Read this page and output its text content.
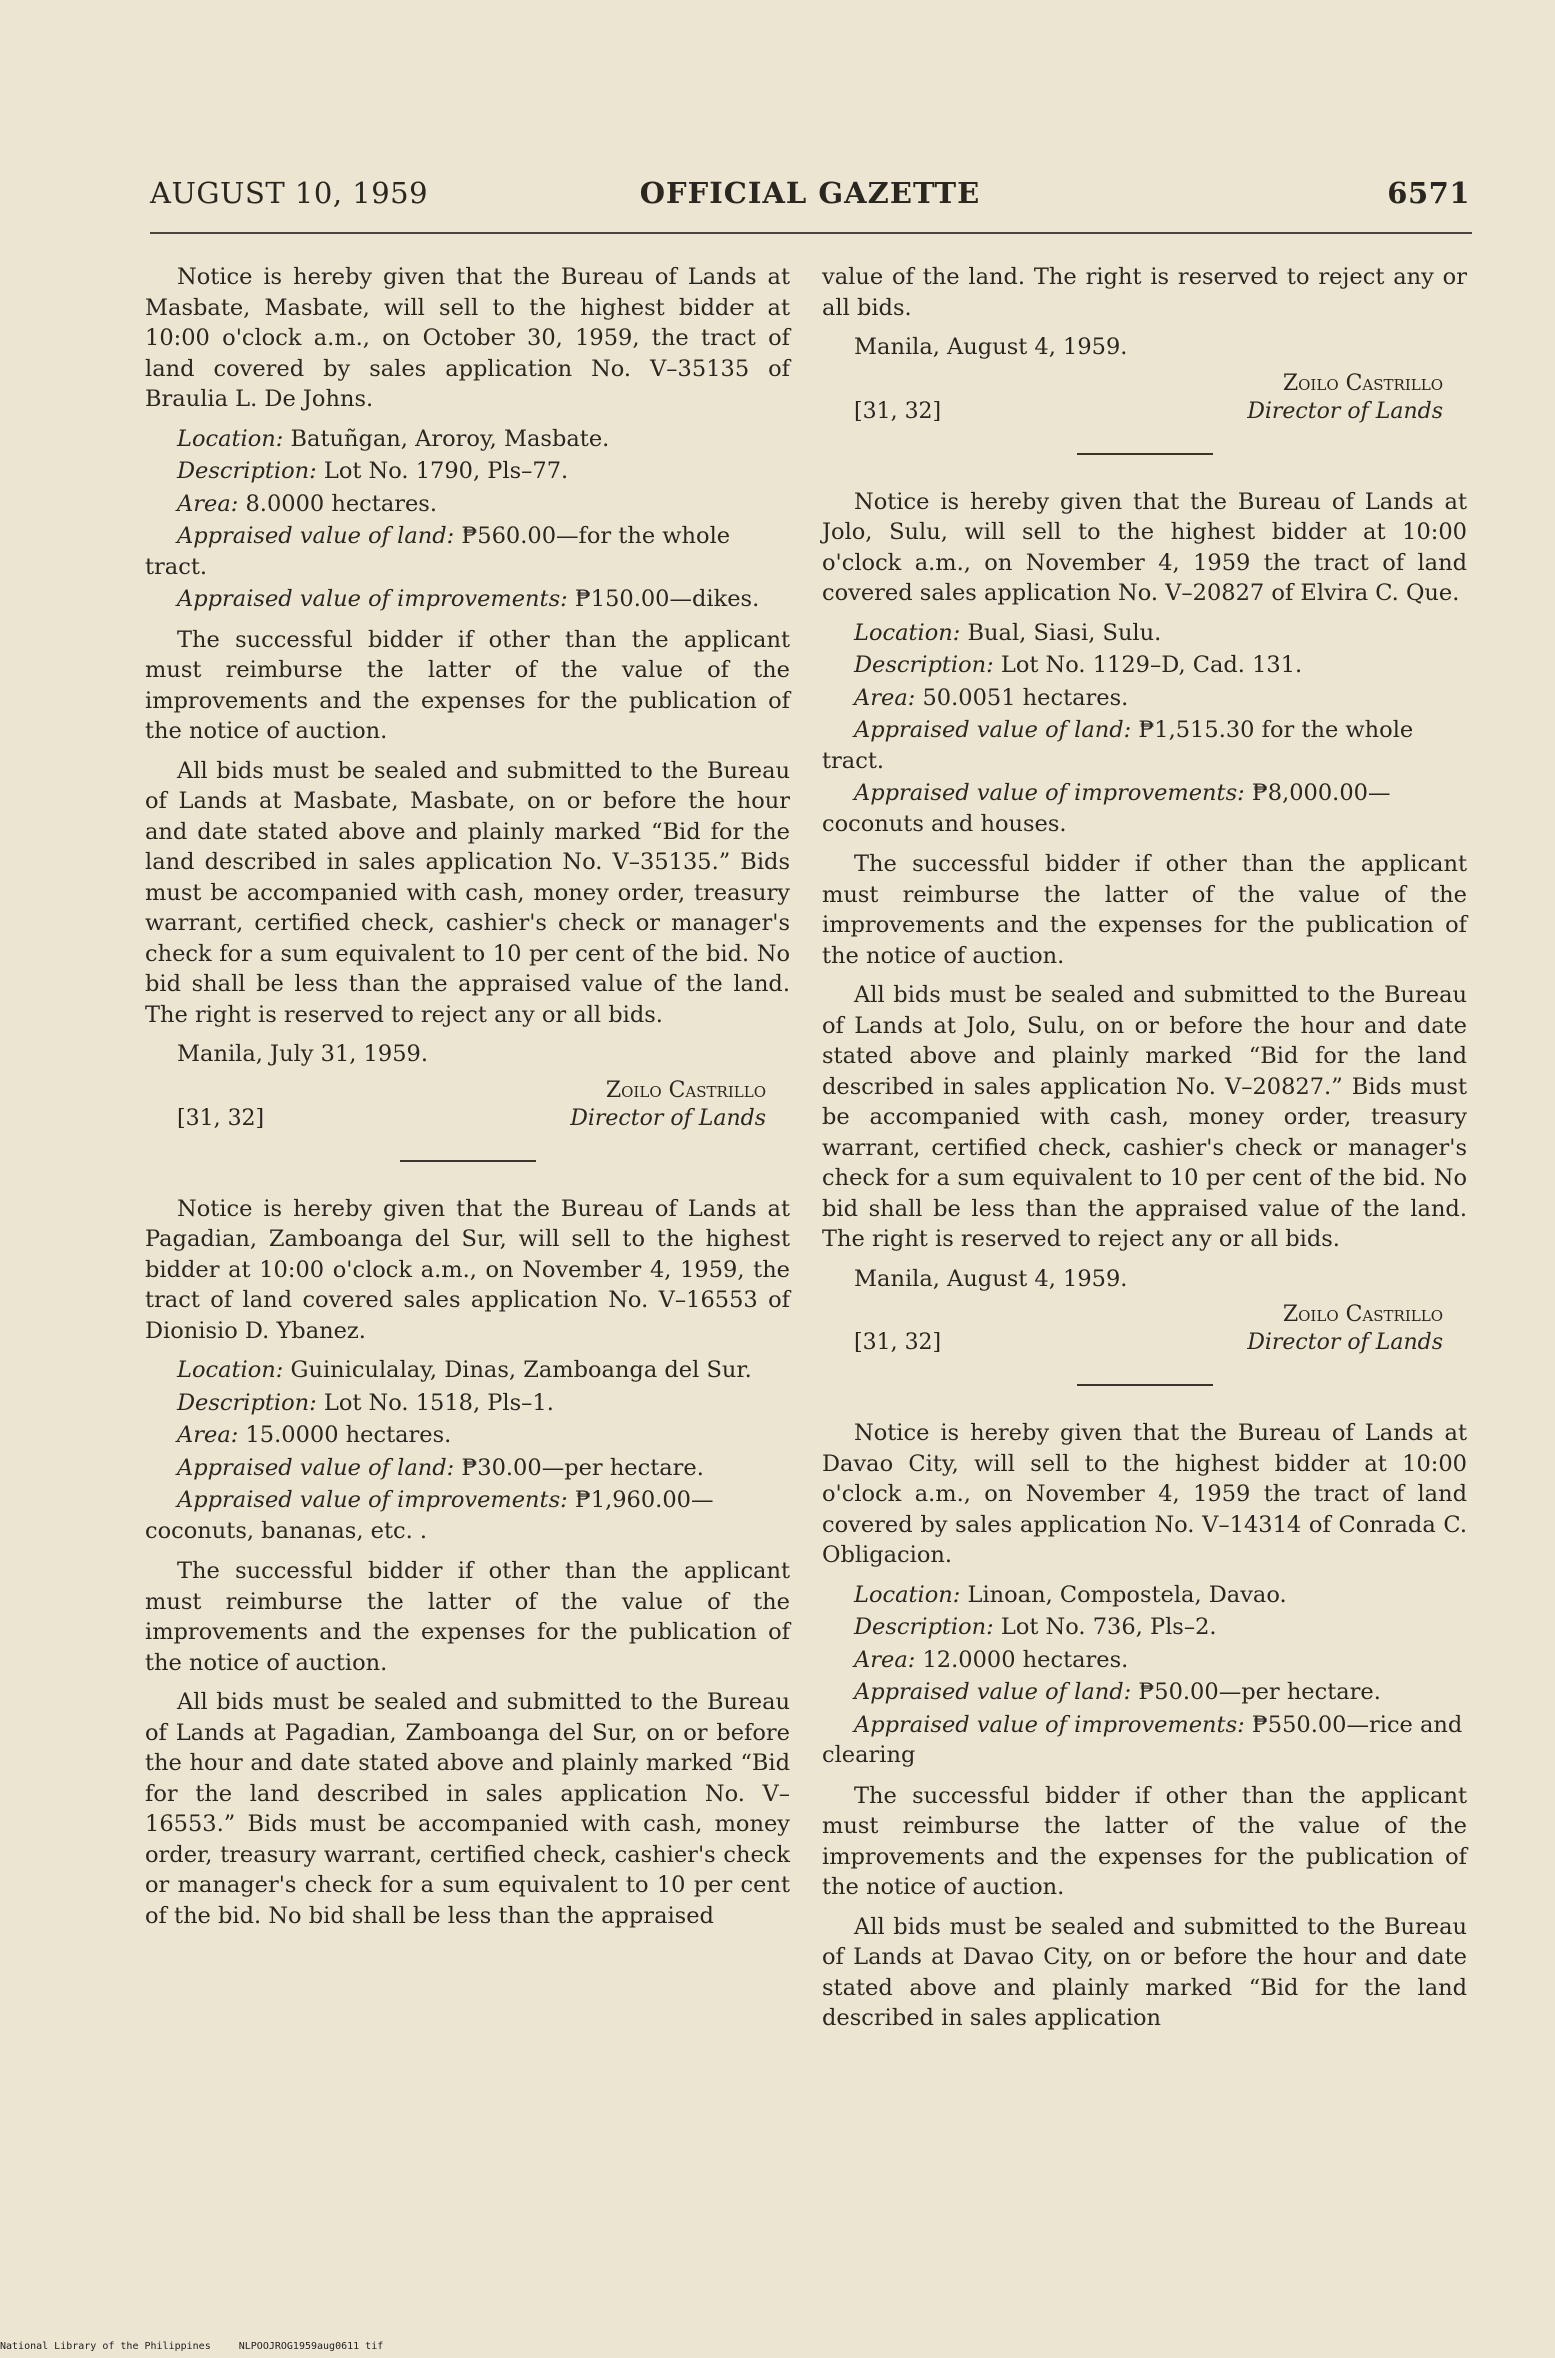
AUGUST 10, 1959	OFFICIAL GAZETTE	6571

Notice is hereby given that the Bureau of Lands at Masbate, Masbate, will sell to the highest bidder at 10:00 o'clock a.m., on October 30, 1959, the tract of land covered by sales application No. V–35135 of Braulia L. De Johns.

Location: Batuñgan, Aroroy, Masbate.

Description: Lot No. 1790, Pls–77.

Area: 8.0000 hectares.

Appraised value of land: ₱560.00—for the whole tract.

Appraised value of improvements: ₱150.00—dikes.

The successful bidder if other than the applicant must reimburse the latter of the value of the improvements and the expenses for the publication of the notice of auction.

All bids must be sealed and submitted to the Bureau of Lands at Masbate, Masbate, on or before the hour and date stated above and plainly marked “Bid for the land described in sales application No. V–35135.” Bids must be accompanied with cash, money order, treasury warrant, certified check, cashier's check or manager's check for a sum equivalent to 10 per cent of the bid. No bid shall be less than the appraised value of the land. The right is reserved to reject any or all bids.

Manila, July 31, 1959.

Zoilo Castrillo
[31, 32]	Director of Lands

Notice is hereby given that the Bureau of Lands at Pagadian, Zamboanga del Sur, will sell to the highest bidder at 10:00 o'clock a.m., on November 4, 1959, the tract of land covered sales application No. V–16553 of Dionisio D. Ybanez.

Location: Guiniculalay, Dinas, Zamboanga del Sur.

Description: Lot No. 1518, Pls–1.

Area: 15.0000 hectares.

Appraised value of land: ₱30.00—per hectare.

Appraised value of improvements: ₱1,960.00—coconuts, bananas, etc. .

The successful bidder if other than the applicant must reimburse the latter of the value of the improvements and the expenses for the publication of the notice of auction.

All bids must be sealed and submitted to the Bureau of Lands at Pagadian, Zamboanga del Sur, on or before the hour and date stated above and plainly marked “Bid for the land described in sales application No. V–16553.” Bids must be accompanied with cash, money order, treasury warrant, certified check, cashier's check or manager's check for a sum equivalent to 10 per cent of the bid. No bid shall be less than the appraised

value of the land. The right is reserved to reject any or all bids.

Manila, August 4, 1959.

Zoilo Castrillo
[31, 32]	Director of Lands

Notice is hereby given that the Bureau of Lands at Jolo, Sulu, will sell to the highest bidder at 10:00 o'clock a.m., on November 4, 1959 the tract of land covered sales application No. V–20827 of Elvira C. Que.

Location: Bual, Siasi, Sulu.

Description: Lot No. 1129–D, Cad. 131.

Area: 50.0051 hectares.

Appraised value of land: ₱1,515.30 for the whole tract.

Appraised value of improvements: ₱8,000.00—coconuts and houses.

The successful bidder if other than the applicant must reimburse the latter of the value of the improvements and the expenses for the publication of the notice of auction.

All bids must be sealed and submitted to the Bureau of Lands at Jolo, Sulu, on or before the hour and date stated above and plainly marked “Bid for the land described in sales application No. V–20827.” Bids must be accompanied with cash, money order, treasury warrant, certified check, cashier's check or manager's check for a sum equivalent to 10 per cent of the bid. No bid shall be less than the appraised value of the land. The right is reserved to reject any or all bids.

Manila, August 4, 1959.

Zoilo Castrillo
[31, 32]	Director of Lands

Notice is hereby given that the Bureau of Lands at Davao City, will sell to the highest bidder at 10:00 o'clock a.m., on November 4, 1959 the tract of land covered by sales application No. V–14314 of Conrada C. Obligacion.

Location: Linoan, Compostela, Davao.

Description: Lot No. 736, Pls–2.

Area: 12.0000 hectares.

Appraised value of land: ₱50.00—per hectare.

Appraised value of improvements: ₱550.00—rice and clearing

The successful bidder if other than the applicant must reimburse the latter of the value of the improvements and the expenses for the publication of the notice of auction.

All bids must be sealed and submitted to the Bureau of Lands at Davao City, on or before the hour and date stated above and plainly marked “Bid for the land described in sales application

National Library of the Philippines	NLPOOJROG1959aug0611 tif
